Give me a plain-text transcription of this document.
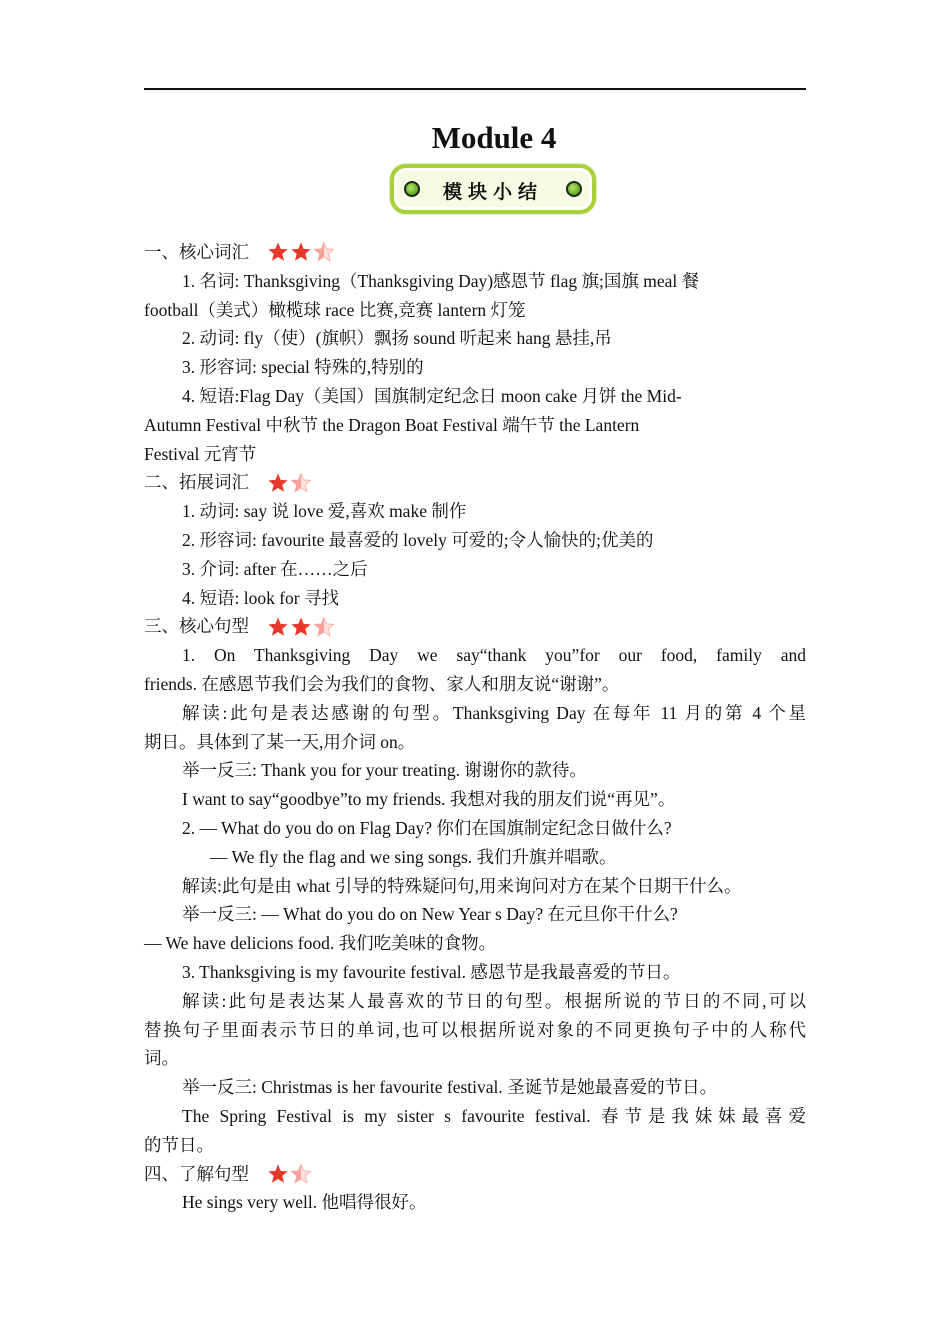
Module 4
模块小结
一、核心词汇
1. 名词: Thanksgiving（Thanksgiving Day)感恩节 flag 旗;国旗 meal 餐
football（美式）橄榄球 race 比赛,竞赛 lantern 灯笼
2. 动词: fly（使）(旗帜）飘扬 sound 听起来 hang 悬挂,吊
3. 形容词: special 特殊的,特别的
4. 短语:Flag Day（美国）国旗制定纪念日 moon cake 月饼 the Mid-
Autumn Festival 中秋节 the Dragon Boat Festival 端午节 the Lantern
Festival 元宵节
二、拓展词汇
1. 动词: say 说 love 爱,喜欢 make 制作
2. 形容词: favourite 最喜爱的 lovely 可爱的;令人愉快的;优美的
3. 介词: after 在……之后
4. 短语: look for 寻找
三、核心句型
1. On Thanksgiving Day we say“thank you”for our food, family and
friends. 在感恩节我们会为我们的食物、家人和朋友说“谢谢”。
解读:此句是表达感谢的句型。Thanksgiving Day 在每年 11 月的第 4 个星
期日。具体到了某一天,用介词 on。
举一反三: Thank you for your treating. 谢谢你的款待。
I want to say“goodbye”to my friends. 我想对我的朋友们说“再见”。
2. — What do you do on Flag Day? 你们在国旗制定纪念日做什么?
— We fly the flag and we sing songs. 我们升旗并唱歌。
解读:此句是由 what 引导的特殊疑问句,用来询问对方在某个日期干什么。
举一反三: — What do you do on New Year s Day? 在元旦你干什么?
— We have delicions food. 我们吃美味的食物。
3. Thanksgiving is my favourite festival. 感恩节是我最喜爱的节日。
解读:此句是表达某人最喜欢的节日的句型。根据所说的节日的不同,可以
替换句子里面表示节日的单词,也可以根据所说对象的不同更换句子中的人称代
词。
举一反三: Christmas is her favourite festival. 圣诞节是她最喜爱的节日。
The Spring Festival is my sister s favourite festival. 春节是我妹妹最喜爱
的节日。
四、了解句型
He sings very well. 他唱得很好。
